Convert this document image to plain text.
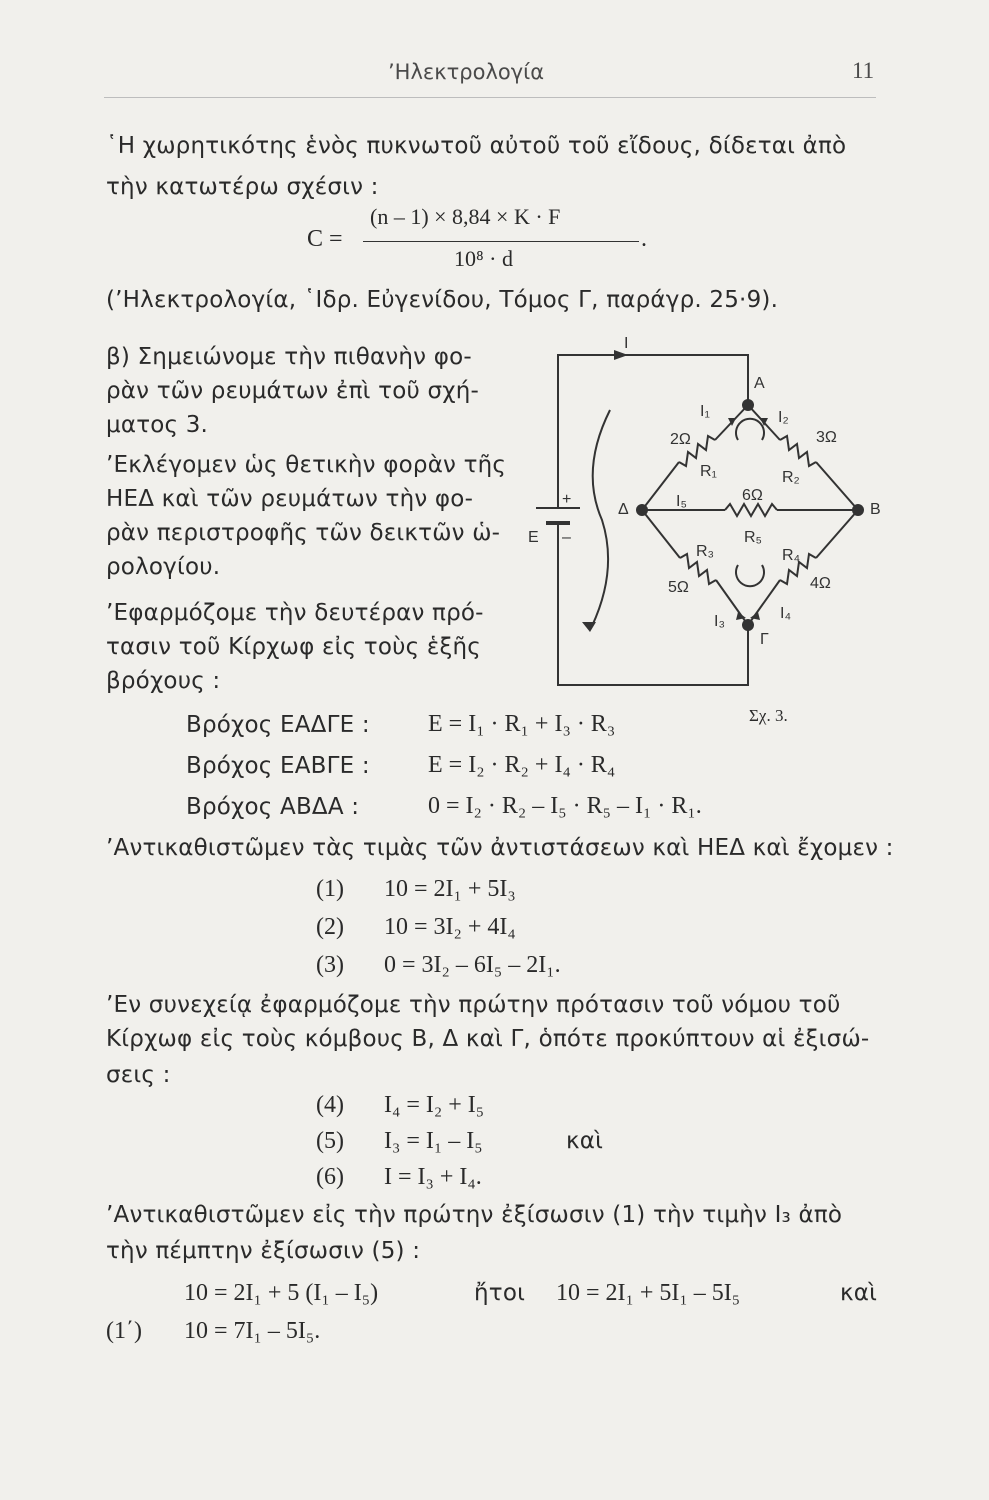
’Ηλεκτρολογία	11
῾Η χωρητικότης ἑνὸς πυκνωτοῦ αὐτοῦ τοῦ εἴδους, δίδεται ἀπὸ
τὴν κατωτέρω σχέσιν :
C =
(n – 1) × 8,84 × K · F
10⁸ · d
.
(’Ηλεκτρολογία, ῾Ιδρ. Εὐγενίδου, Τόμος Γ, παράγρ. 25·9).
β) Σημειώνομε τὴν πιθανὴν φο-
ρὰν τῶν ρευμάτων ἐπὶ τοῦ σχή-
ματος 3.
’Εκλέγομεν ὡς θετικὴν φορὰν τῆς
ΗΕΔ καὶ τῶν ρευμάτων τὴν φο-
ρὰν περιστροφῆς τῶν δεικτῶν ὡ-
ρολογίου.
’Εφαρμόζομε τὴν δευτέραν πρό-
τασιν τοῦ Κίρχωφ εἰς τοὺς ἑξῆς
βρόχους :
I
A
B
Δ
Γ
E
+
–
I₁	I₂
I₃	I₄
I₅
R₁	R₂
R₃	R₄
R₅
2Ω	3Ω
5Ω	4Ω
6Ω
Σχ. 3.
Βρόχος ΕΑΔΓΕ : E = I₁ · R₁ + I₃ · R₃
Βρόχος ΕΑΒΓΕ : E = I₂ · R₂ + I₄ · R₄
Βρόχος ΑΒΔΑ :	0 = I₂ · R₂ – I₅ · R₅ – I₁ · R₁.
’Αντικαθιστῶμεν τὰς τιμὰς τῶν ἀντιστάσεων καὶ ΗΕΔ καὶ ἔχομεν :
(1) 10 = 2I₁ + 5I₃
(2) 10 = 3I₂ + 4I₄
(3) 0 = 3I₂ – 6I₅ – 2I₁.
’Εν συνεχείᾳ ἐφαρμόζομε τὴν πρώτην πρότασιν τοῦ νόμου τοῦ
Κίρχωφ εἰς τοὺς κόμβους Β, Δ καὶ Γ, ὁπότε προκύπτουν αἱ ἐξισώ-
σεις :
(4) I₄ = I₂ + I₅
(5) I₃ = I₁ – I₅	καὶ
(6) I = I₃ + I₄.
’Αντικαθιστῶμεν εἰς τὴν πρώτην ἐξίσωσιν (1) τὴν τιμὴν I₃ ἀπὸ
τὴν πέμπτην ἐξίσωσιν (5) :
10 = 2I₁ + 5 (I₁ – I₅)	ἤτοι 10 = 2I₁ + 5I₁ – 5I₅	καὶ
(1΄) 10 = 7I₁ – 5I₅.
